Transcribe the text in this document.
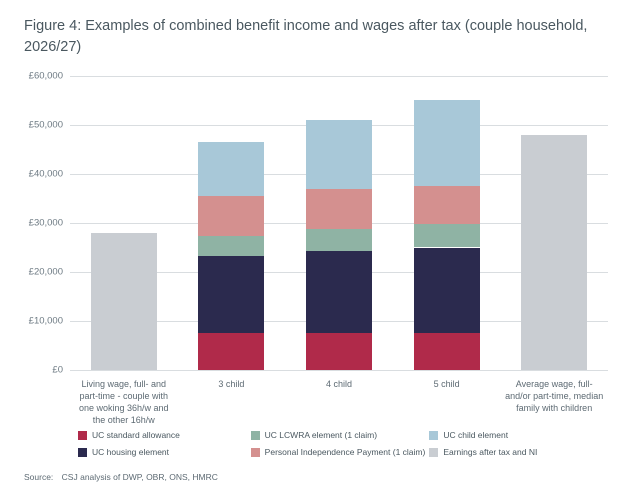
Figure 4: Examples of combined benefit income and wages after tax (couple household, 2026/27)
£0
£10,000
£20,000
£30,000
£40,000
£50,000
£60,000
Living wage, full- and part-time - couple with one woking 36h/w and the other 16h/w
3 child	4 child	5 child	Average wage, full- and/or part-time, median family with children
UC standard allowance	UC LCWRA element (1 claim)	UC child element
UC housing element	Personal Independence Payment (1 claim) Earnings after tax and NI
Source: CSJ analysis of DWP, OBR, ONS, HMRC
